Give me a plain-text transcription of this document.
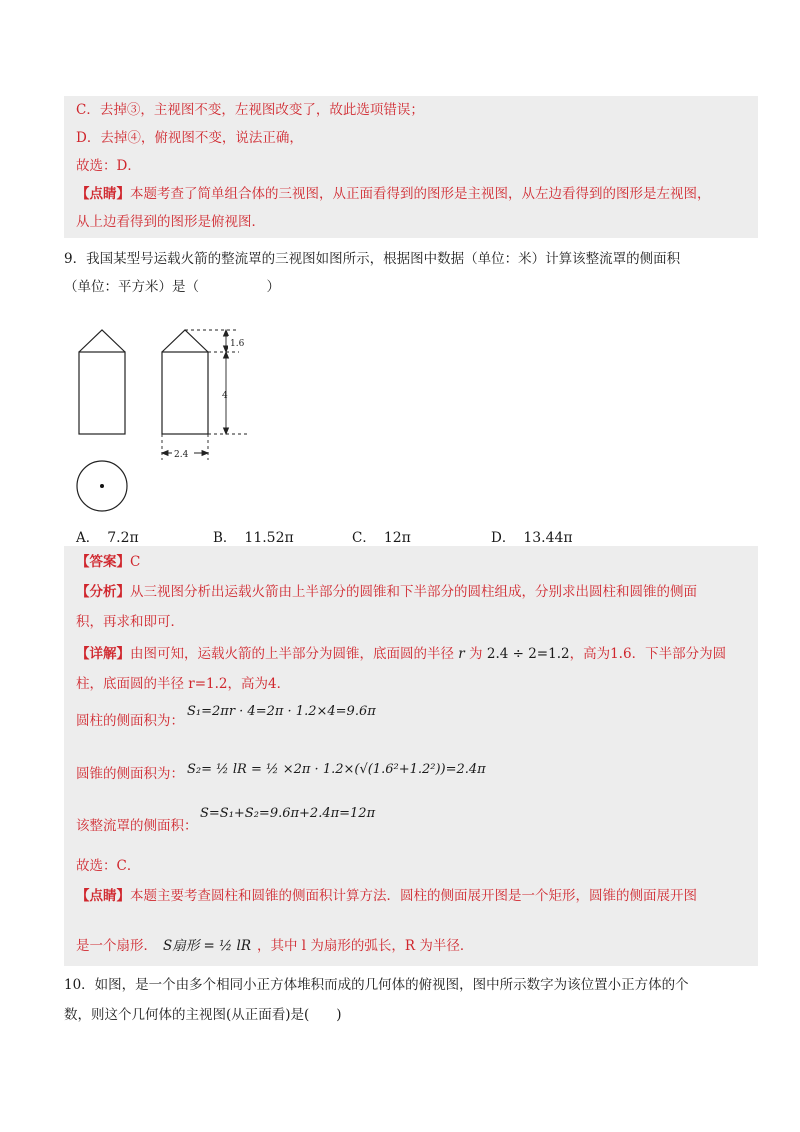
C．去掉③，主视图不变，左视图改变了，故此选项错误；
D．去掉④，俯视图不变，说法正确，
故选：D．
【点睛】本题考查了简单组合体的三视图，从正面看得到的图形是主视图，从左边看得到的图形是左视图，
从上边看得到的图形是俯视图．
9．我国某型号运载火箭的整流罩的三视图如图所示，根据图中数据（单位：米）计算该整流罩的侧面积
（单位：平方米）是（　　　　　）
1.6
4
2.4
A． 7.2π	B． 11.52π	C． 12π	D． 13.44π
【答案】C
【分析】从三视图分析出运载火箭由上半部分的圆锥和下半部分的圆柱组成，分别求出圆柱和圆锥的侧面
积，再求和即可．
【详解】由图可知，运载火箭的上半部分为圆锥，底面圆的半径 r 为 2.4 ÷ 2=1.2，高为1.6．下半部分为圆
柱，底面圆的半径 r=1.2，高为4．
圆柱的侧面积为：
S₁=2πr · 4=2π · 1.2×4=9.6π
圆锥的侧面积为： S₂= ½ lR = ½ ×2π · 1.2×(√(1.6²+1.2²))=2.4π
该整流罩的侧面积：
S=S₁+S₂=9.6π+2.4π=12π
故选：C．
【点睛】本题主要考查圆柱和圆锥的侧面积计算方法．圆柱的侧面展开图是一个矩形，圆锥的侧面展开图
是一个扇形． S扇形 = ½ lR ，其中 l 为扇形的弧长，R 为半径．
10．如图，是一个由多个相同小正方体堆积而成的几何体的俯视图，图中所示数字为该位置小正方体的个
数，则这个几何体的主视图(从正面看)是(　　)
